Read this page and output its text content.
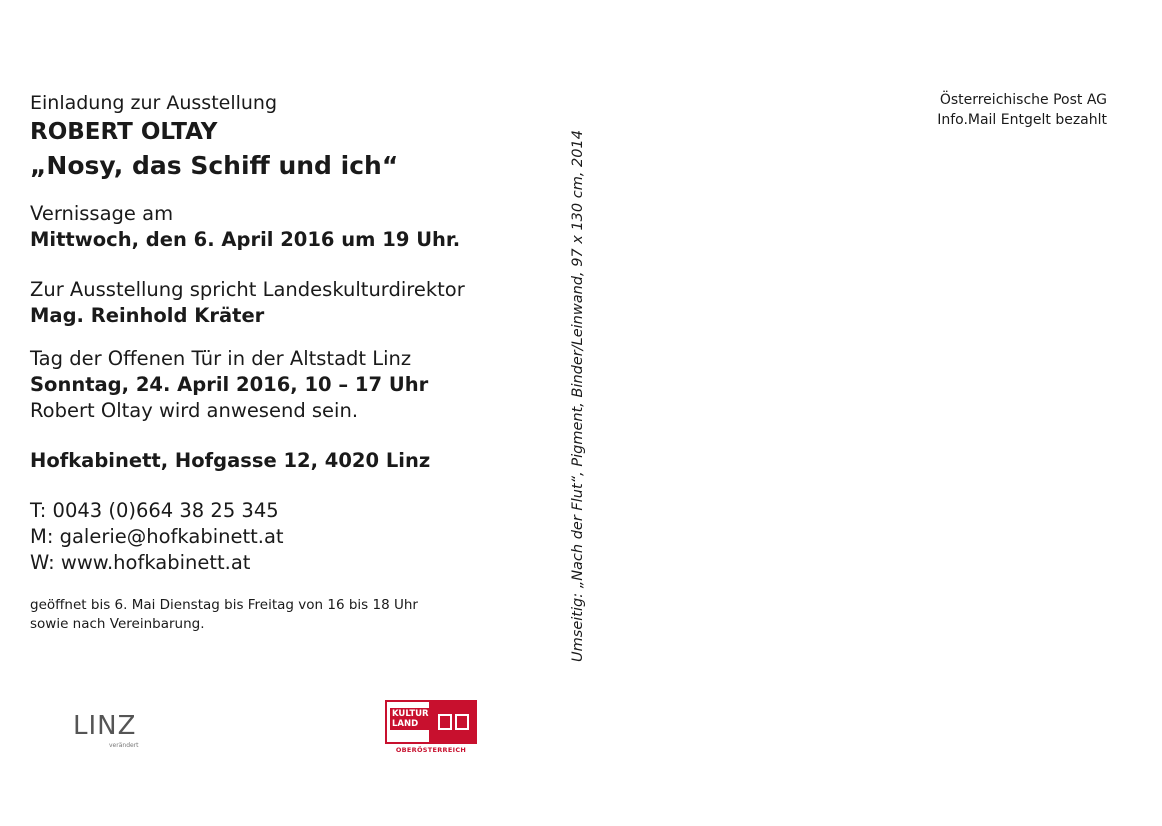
Einladung zur Ausstellung
ROBERT OLTAY
„Nosy, das Schiff und ich“
Vernissage am
Mittwoch, den 6. April 2016 um 19 Uhr.
Zur Ausstellung spricht Landeskulturdirektor
Mag. Reinhold Kräter
Tag der Offenen Tür in der Altstadt Linz
Sonntag, 24. April 2016, 10 – 17 Uhr
Robert Oltay wird anwesend sein.
Hofkabinett, Hofgasse 12, 4020 Linz
T: 0043 (0)664 38 25 345
M: galerie@hofkabinett.at
W: www.hofkabinett.at
geöffnet bis 6. Mai Dienstag bis Freitag von 16 bis 18 Uhr
sowie nach Vereinbarung.	Umseitig: „Nach der Flut“, Pigment, Binder/Leinwand, 97 x 130 cm, 2014
Österreichische Post AG
Info.Mail Entgelt bezahlt
LINZ
verändert
KULTUR
LAND
OBERÖSTERREICH
